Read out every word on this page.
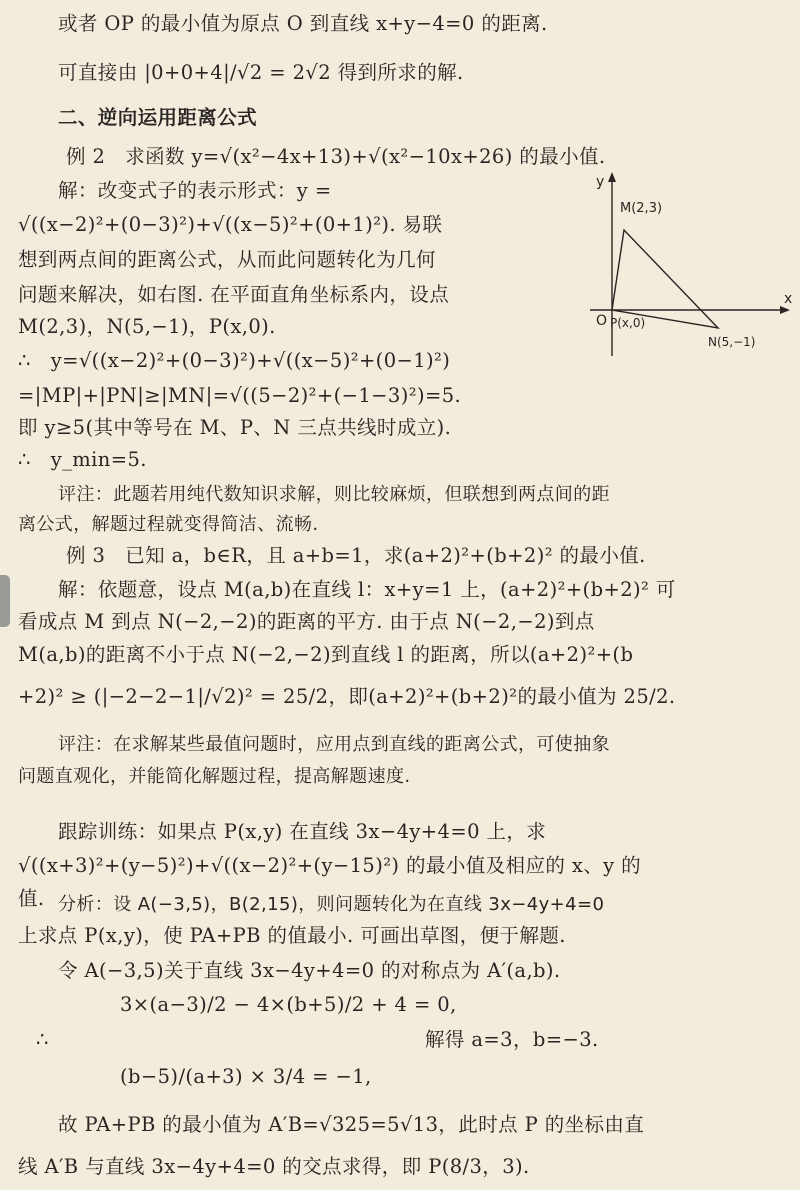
或者 OP 的最小值为原点 O 到直线 x+y−4=0 的距离.
可直接由 |0+0+4|/√2 = 2√2 得到所求的解.
二、逆向运用距离公式
例 2　求函数 y=√(x²−4x+13)+√(x²−10x+26) 的最小值.
解：改变式子的表示形式：y =
√((x−2)²+(0−3)²)+√((x−5)²+(0+1)²). 易联
想到两点间的距离公式，从而此问题转化为几何
问题来解决，如右图. 在平面直角坐标系内，设点
M(2,3)，N(5,−1)，P(x,0).
∴　y=√((x−2)²+(0−3)²)+√((x−5)²+(0−1)²)
=|MP|+|PN|≥|MN|=√((5−2)²+(−1−3)²)=5.
即 y≥5(其中等号在 M、P、N 三点共线时成立).
∴　y_min=5.
评注：此题若用纯代数知识求解，则比较麻烦，但联想到两点间的距
离公式，解题过程就变得简洁、流畅.
例 3　已知 a，b∈R，且 a+b=1，求(a+2)²+(b+2)² 的最小值.
解：依题意，设点 M(a,b)在直线 l：x+y=1 上，(a+2)²+(b+2)² 可
看成点 M 到点 N(−2,−2)的距离的平方. 由于点 N(−2,−2)到点
M(a,b)的距离不小于点 N(−2,−2)到直线 l 的距离，所以(a+2)²+(b
+2)² ≥ (|−2−2−1|/√2)² = 25/2，即(a+2)²+(b+2)²的最小值为 25/2.
评注：在求解某些最值问题时，应用点到直线的距离公式，可使抽象
问题直观化，并能简化解题过程，提高解题速度.
跟踪训练：如果点 P(x,y) 在直线 3x−4y+4=0 上，求
√((x+3)²+(y−5)²)+√((x−2)²+(y−15)²) 的最小值及相应的 x、y 的
值. 分析：设 A(−3,5)，B(2,15)，则问题转化为在直线 3x−4y+4=0
上求点 P(x,y)，使 PA+PB 的值最小. 可画出草图，便于解题.
令 A(−3,5)关于直线 3x−4y+4=0 的对称点为 A′(a,b).
3×(a−3)/2 − 4×(b+5)/2 + 4 = 0,
∴	解得 a=3，b=−3.
(b−5)/(a+3) × 3/4 = −1,
故 PA+PB 的最小值为 A′B=√325=5√13，此时点 P 的坐标由直
线 A′B 与直线 3x−4y+4=0 的交点求得，即 P(8/3，3).
x
y
O
M(2,3)
P(x,0)
N(5,−1)
